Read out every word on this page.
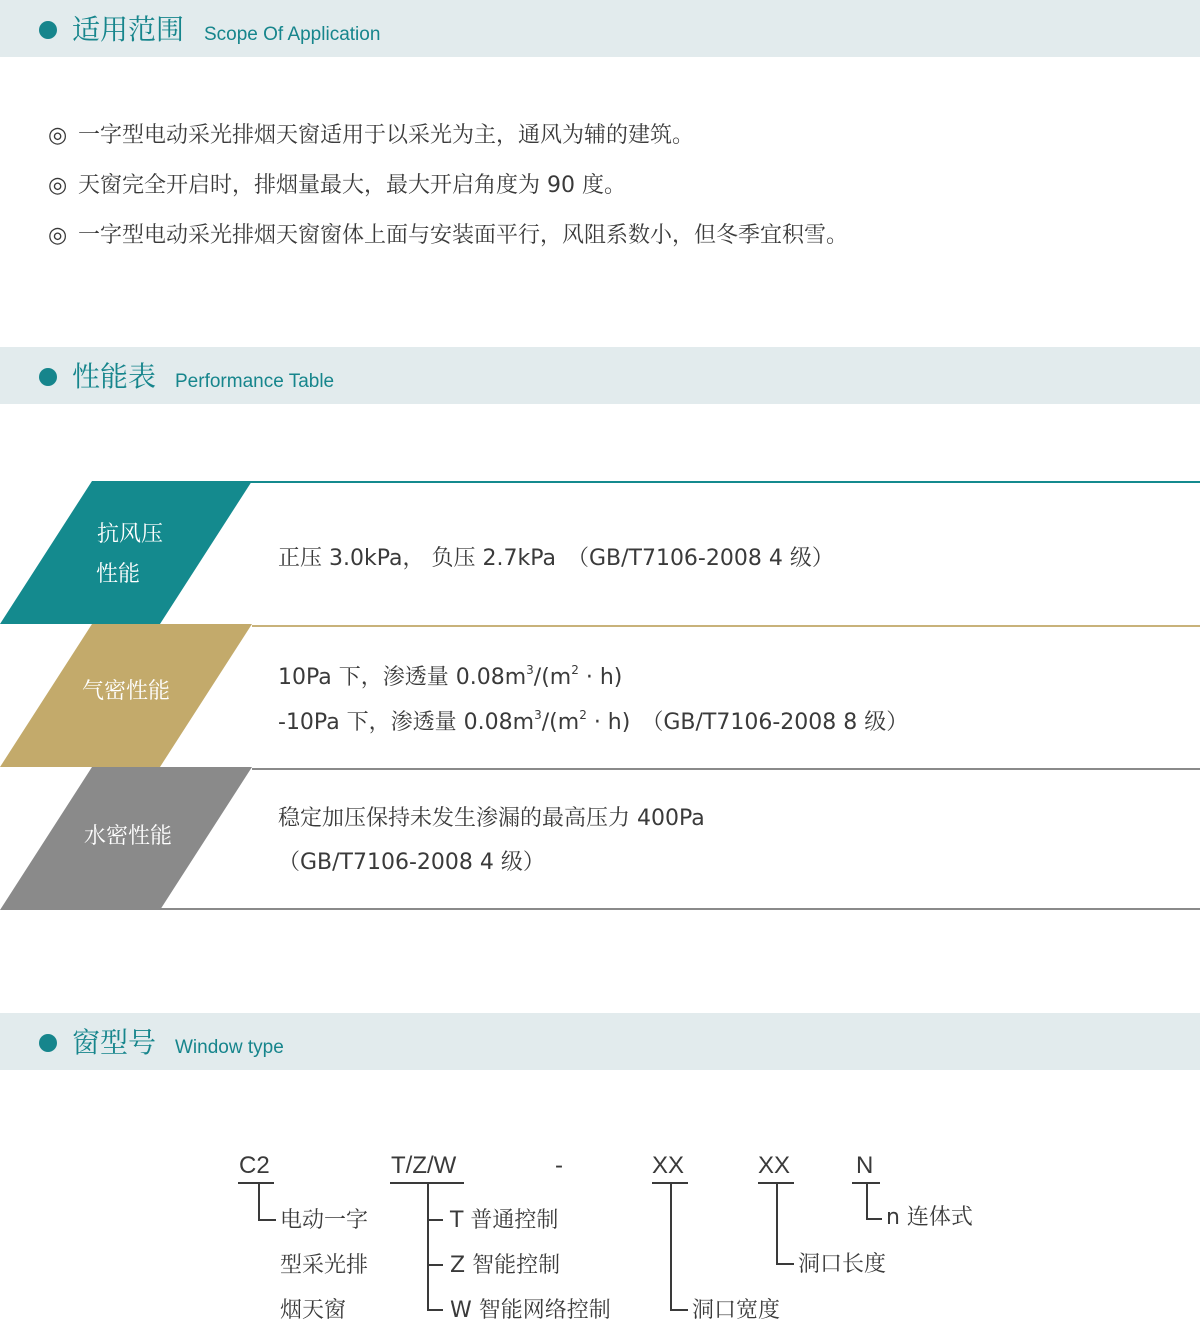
适用范围 Scope Of Application
◎ 一字型电动采光排烟天窗适用于以采光为主，通风为辅的建筑。
◎ 天窗完全开启时，排烟量最大，最大开启角度为 90 度。
◎ 一字型电动采光排烟天窗窗体上面与安装面平行，风阻系数小，但冬季宜积雪。
性能表 Performance Table
抗风压
性能
正压 3.0kPa， 负压 2.7kPa　（GB/T7106-2008 4 级）
气密性能
10Pa 下，渗透量 $0.08m^3/(m^2 \cdot h)$
-10Pa 下，渗透量 $0.08m^3/(m^2 \cdot h)$　（GB/T7106-2008 8 级）
水密性能
稳定加压保持未发生渗漏的最高压力 400Pa
（GB/T7106-2008 4 级）
窗型号 Window type
C2	T/Z/W	-	XX	XX	N
电动一字
型采光排
烟天窗
T 普通控制
Z 智能控制
W 智能网络控制	洞口宽度
洞口长度
n 连体式
